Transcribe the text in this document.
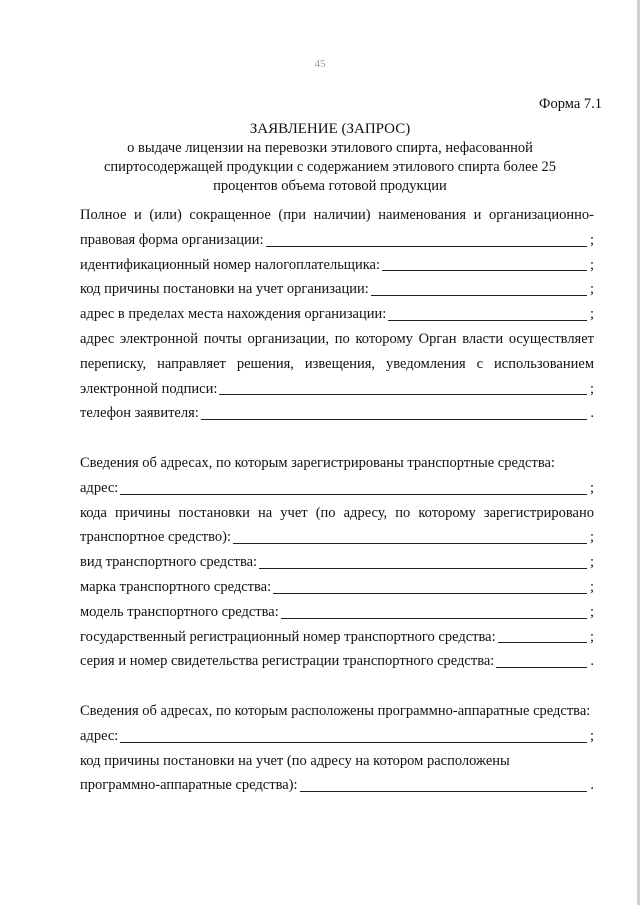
45
Форма 7.1
ЗАЯВЛЕНИЕ (ЗАПРОС)
о выдаче лицензии на перевозки этилового спирта, нефасованной
спиртосодержащей продукции с содержанием этилового спирта более 25
процентов объема готовой продукции
Полное и (или) сокращенное (при наличии) наименования и организационно-
правовая форма организации:	;
идентификационный номер налогоплательщика:	;
код причины постановки на учет организации:	;
адрес в пределах места нахождения организации:	;
адрес электронной почты организации, по которому Орган власти осуществляет
переписку, направляет решения, извещения, уведомления с использованием
электронной подписи:	;
телефон заявителя:	.
Сведения об адресах, по которым зарегистрированы транспортные средства:
адрес:	;
кода причины постановки на учет (по адресу, по которому зарегистрировано
транспортное средство):	;
вид транспортного средства:	;
марка транспортного средства:	;
модель транспортного средства:	;
государственный регистрационный номер транспортного средства:	;
серия и номер свидетельства регистрации транспортного средства:	.
Сведения об адресах, по которым расположены программно-аппаратные средства:
адрес:	;
код причины постановки на учет (по адресу на котором расположены
программно-аппаратные средства):	.
